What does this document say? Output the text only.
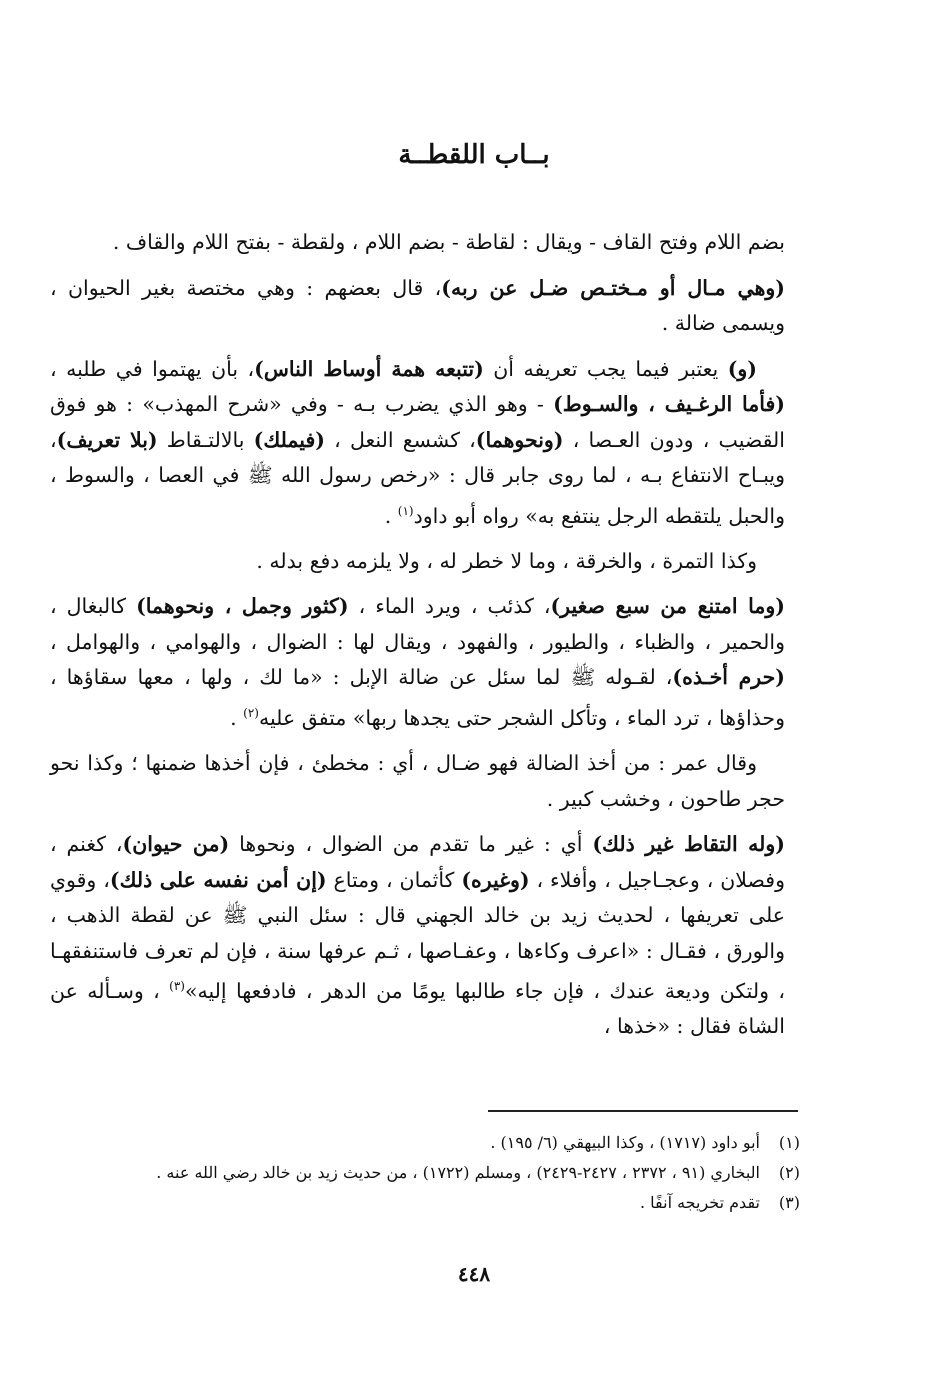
بــاب اللقطــة

بضم اللام وفتح القاف - ويقال : لقاطة - بضم اللام ، ولقطة - بفتح اللام والقاف .

(وهي مـال أو مـختـص ضـل عن ربه)، قال بعضهم : وهي مختصة بغير الحيوان ، ويسمى ضالة .

(و) يعتبر فيما يجب تعريفه أن (تتبعه همة أوساط الناس)، بأن يهتموا في طلبه ، (فأما الرغـيف ، والسـوط) - وهو الذي يضرب بـه - وفي «شرح المهذب» : هو فوق القضيب ، ودون العـصا ، (ونحوهما)، كشسع النعل ، (فيملك) بالالتـقاط (بلا تعريف)، ويبـاح الانتفاع بـه ، لما روى جابر قال : «رخص رسول الله ﷺ في العصا ، والسوط ، والحبل يلتقطه الرجل ينتفع به» رواه أبو داود$^{(١)}$ .

وكذا التمرة ، والخرقة ، وما لا خطر له ، ولا يلزمه دفع بدله .

(وما امتنع من سبع صغير)، كذئب ، ويرد الماء ، (كثور وجمل ، ونحوهما) كالبغال ، والحمير ، والظباء ، والطيور ، والفهود ، ويقال لها : الضوال ، والهوامي ، والهوامل ، (حرم أخـذه)، لقـوله ﷺ لما سئل عن ضالة الإبل : «ما لك ، ولها ، معها سقاؤها ، وحذاؤها ، ترد الماء ، وتأكل الشجر حتى يجدها ربها» متفق عليه$^{(٢)}$ .

وقال عمر : من أخذ الضالة فهو ضـال ، أي : مخطئ ، فإن أخذها ضمنها ؛ وكذا نحو حجر طاحون ، وخشب كبير .

(وله التقاط غير ذلك) أي : غير ما تقدم من الضوال ، ونحوها (من حيوان)، كغنم ، وفصلان ، وعجـاجيل ، وأفلاء ، (وغيره) كأثمان ، ومتاع (إن أمن نفسه على ذلك)، وقوي على تعريفها ، لحديث زيد بن خالد الجهني قال : سئل النبي ﷺ عن لقطة الذهب ، والورق ، فقـال : «اعرف وكاءها ، وعفـاصها ، ثـم عرفها سنة ، فإن لم تعرف فاستنفقهـا ، ولتكن وديعة عندك ، فإن جاء طالبها يومًا من الدهر ، فادفعها إليه»$^{(٣)}$ ، وسـأله عن الشاة فقال : «خذها ،

(١)
أبو داود (١٧١٧) ، وكذا البيهقي (٦/ ١٩٥) .
(٢)
البخاري (٩١ ، ٢٣٧٢ ، ٢٤٢٧-٢٤٢٩) ، ومسلم (١٧٢٢) ، من حديث زيد بن خالد رضي الله عنه .
(٣)
تقدم تخريجه آنفًا .
٤٤٨
